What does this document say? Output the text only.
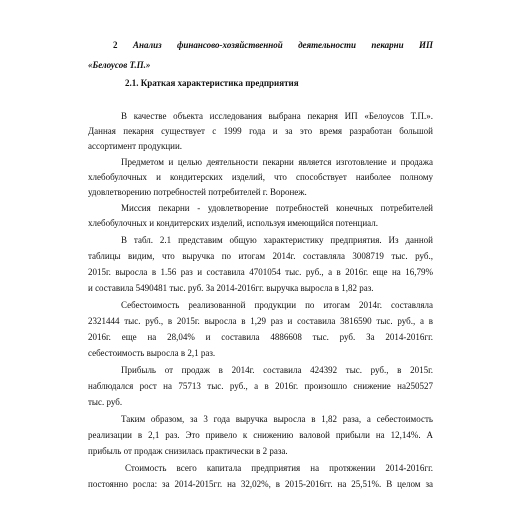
2 Анализ финансово-хозяйственной деятельности пекарни ИП
«Белоусов Т.П.»
2.1. Краткая характеристика предприятия
В качестве объекта исследования выбрана пекарня ИП «Белоусов Т.П.».
Данная пекарня существует с 1999 года и за это время разработан большой
ассортимент продукции.
Предметом и целью деятельности пекарни является изготовление и продажа
хлебобулочных и кондитерских изделий, что способствует наиболее полному
удовлетворению потребностей потребителей г. Воронеж.
Миссия пекарни - удовлетворение потребностей конечных потребителей
хлебобулочных и кондитерских изделий, используя имеющийся потенциал.
В табл. 2.1 представим общую характеристику предприятия. Из данной
таблицы видим, что выручка по итогам 2014г. составляла 3008719 тыс. руб.,
2015г. выросла в 1.56 раз и составила 4701054 тыс. руб., а в 2016г. еще на 16,79%
и составила 5490481 тыс. руб. За 2014-2016гг. выручка выросла в 1,82 раз.
Себестоимость реализованной продукции по итогам 2014г. составляла
2321444 тыс. руб., в 2015г. выросла в 1,29 раз и составила 3816590 тыс. руб., а в
2016г. еще на 28,04% и составила 4886608 тыс. руб. За 2014-2016гг.
себестоимость выросла в 2,1 раз.
Прибыль от продаж в 2014г. составила 424392 тыс. руб., в 2015г.
наблюдался рост на 75713 тыс. руб., а в 2016г. произошло снижение на250527
тыс. руб.
Таким образом, за 3 года выручка выросла в 1,82 раза, а себестоимость
реализации в 2,1 раз. Это привело к снижению валовой прибыли на 12,14%. А
прибыль от продаж снизилась практически в 2 раза.
Стоимость всего капитала предприятия на протяжении 2014-2016гг.
постоянно росла: за 2014-2015гг. на 32,02%, в 2015-2016гг. на 25,51%. В целом за
